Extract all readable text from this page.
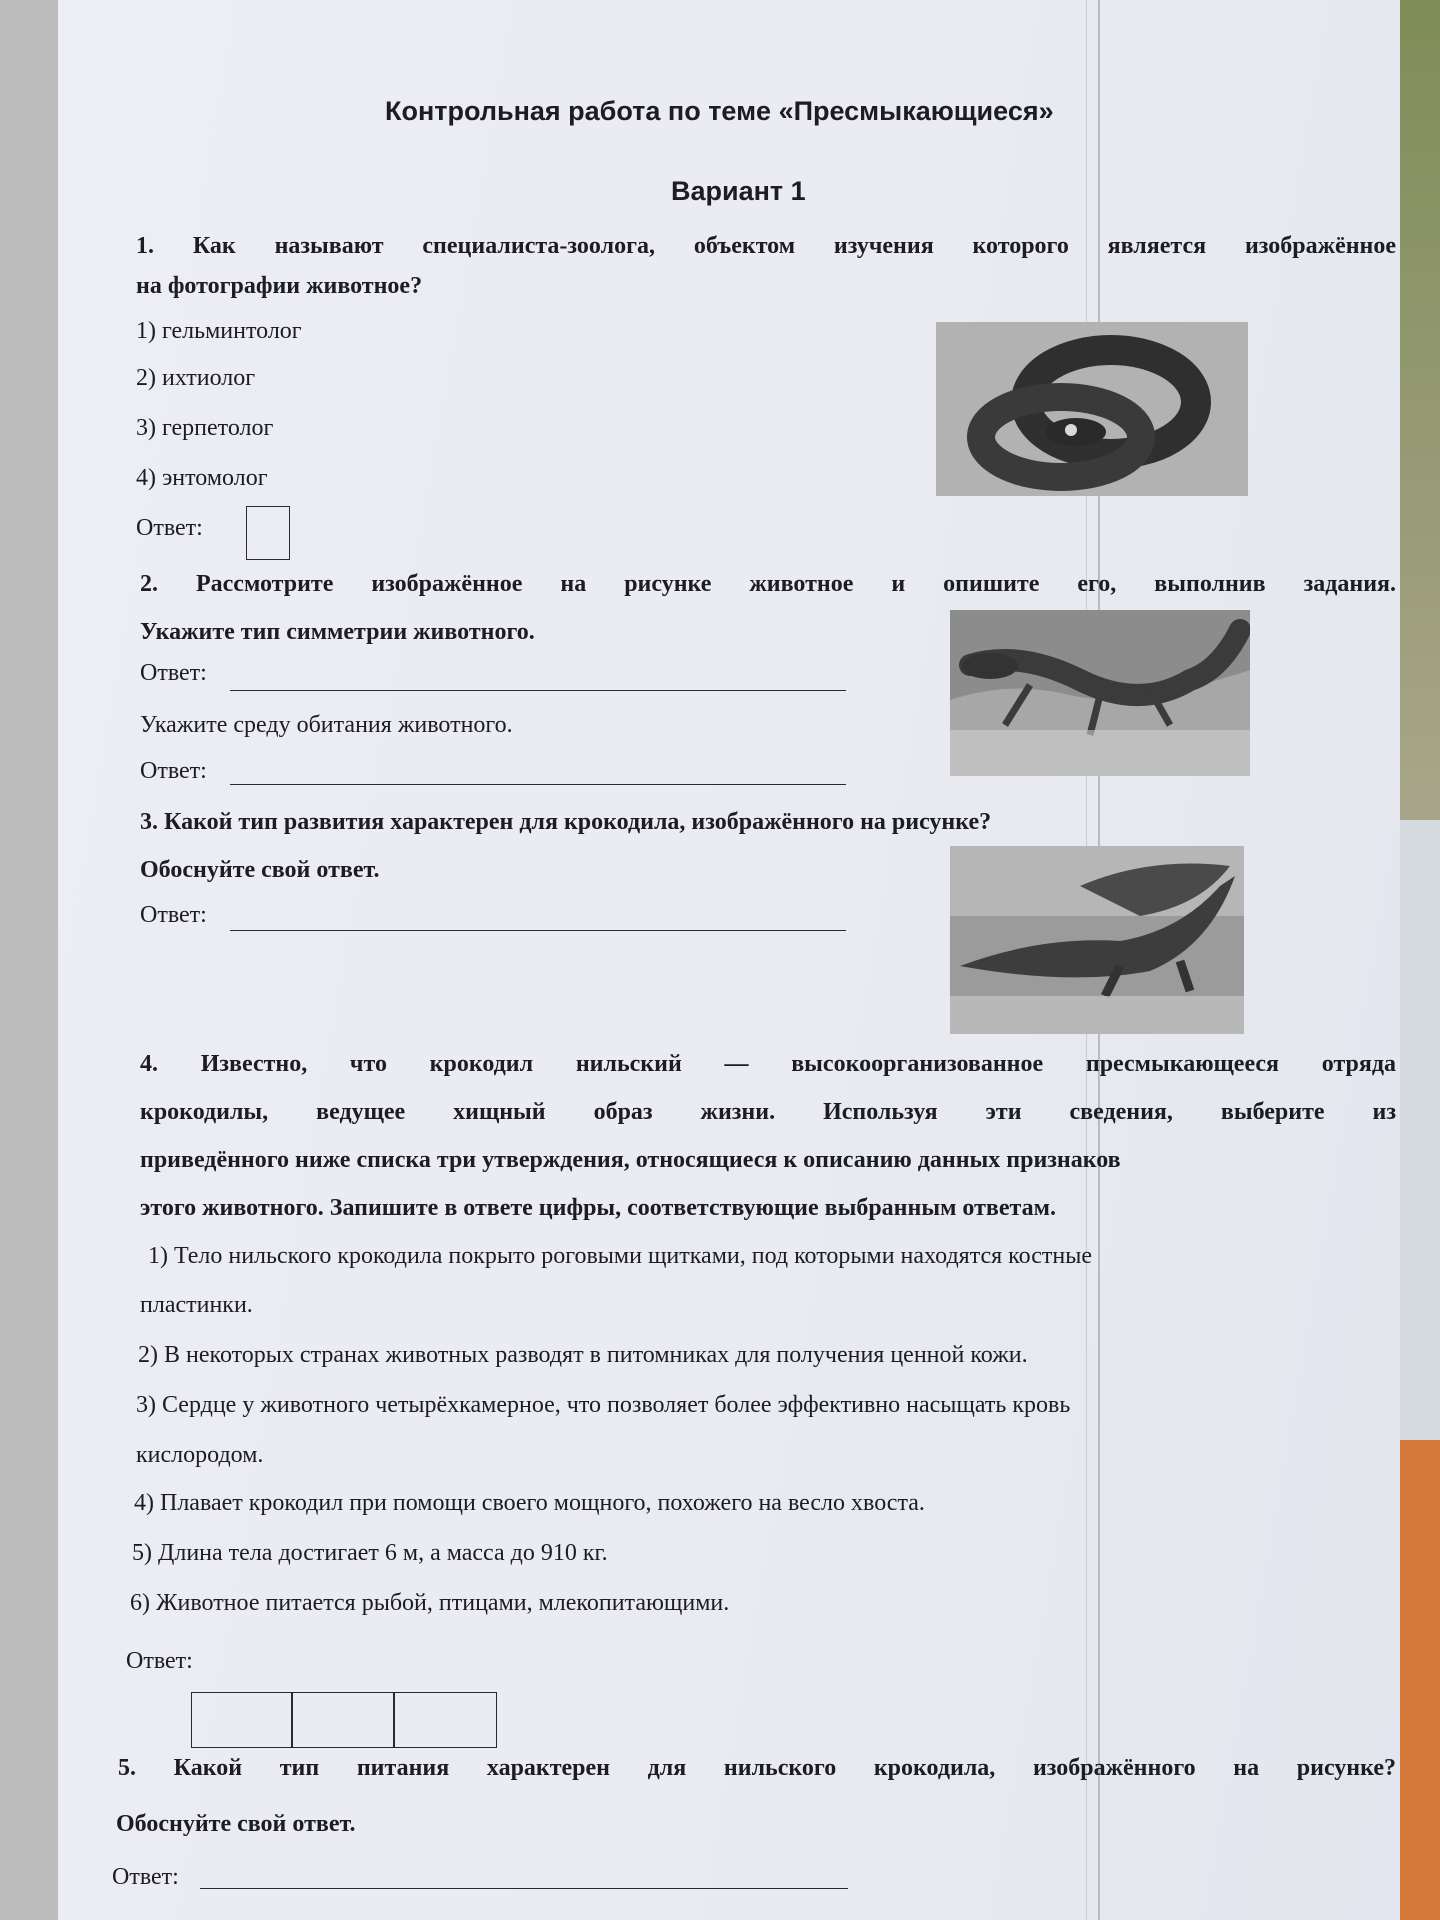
Контрольная работа по теме «Пресмыкающиеся»
Вариант 1
1. Как называют специалиста-зоолога, объектом изучения которого является изображённое
на фотографии животное?
1) гельминтолог
2) ихтиолог
3) герпетолог
4) энтомолог
Ответ:
2. Рассмотрите изображённое на рисунке животное и опишите его, выполнив задания.
Укажите тип симметрии животного.
Ответ:
Укажите среду обитания животного.
Ответ:
3. Какой тип развития характерен для крокодила, изображённого на рисунке?
Обоснуйте свой ответ.
Ответ:
4. Известно, что крокодил нильский — высокоорганизованное пресмыкающееся отряда
крокодилы, ведущее хищный образ жизни. Используя эти сведения, выберите из
приведённого ниже списка три утверждения, относящиеся к описанию данных признаков
этого животного. Запишите в ответе цифры, соответствующие выбранным ответам.
1) Тело нильского крокодила покрыто роговыми щитками, под которыми находятся костные
пластинки.
2) В некоторых странах животных разводят в питомниках для получения ценной кожи.
3) Сердце у животного четырёхкамерное, что позволяет более эффективно насыщать кровь
кислородом.
4) Плавает крокодил при помощи своего мощного, похожего на весло хвоста.
5) Длина тела достигает 6 м, а масса до 910 кг.
6) Животное питается рыбой, птицами, млекопитающими.
Ответ:
5. Какой тип питания характерен для нильского крокодила, изображённого на рисунке?
Обоснуйте свой ответ.
Ответ:
